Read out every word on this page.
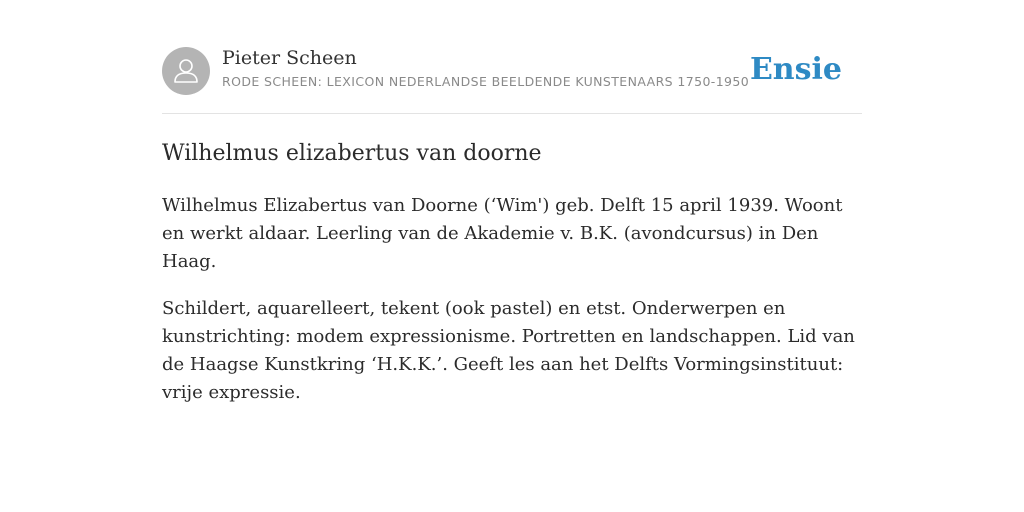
Pieter Scheen
RODE SCHEEN: LEXICON NEDERLANDSE BEELDENDE KUNSTENAARS 1750-1950 Ensie
Wilhelmus elizabertus van doorne

Wilhelmus Elizabertus van Doorne (‘Wim') geb. Delft 15 april 1939. Woont en werkt aldaar. Leerling van de Akademie v. B.K. (avondcursus) in Den Haag.

Schildert, aquarelleert, tekent (ook pastel) en etst. Onderwerpen en kunstrichting: modem expressionisme. Portretten en landschappen. Lid van de Haagse Kunstkring ‘H.K.K.’. Geeft les aan het Delfts Vormingsinstituut: vrije expressie.
